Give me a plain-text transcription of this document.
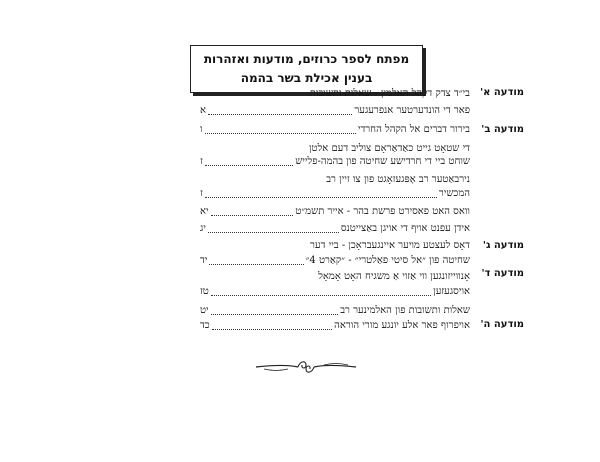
מפתח לספר כרוזים, מודעות ואזהרות
בענין אכילת בשר בהמה
מודעה א'
מודעה ב'
מודעה ג'
מודעה ד'
מודעה ה'
בי״ד צדק דקהל האלמין - שאלות ותשובות
פאר די הונדערטער אנפרעגער
א
בירור דברים אל הקהל החרדי
ו
די שטאָט גייט כאַדאַראָם צוליב דעם אלטן
שוחט ביי די חרדישע שחיטה פון בהמה-פלייש
ז
נירבאַטער רב אָפּגעזאָגט פון צו זיין רב
המכשיר
ז
וואס האט פאסירט פרשת בהר - אייר תשמ״ט
יא
אידן עפנט אויף די אויגן באַצייטנס
יג
דאָס לעצטע מויער איינגעבראָכן - ביי דער
שחיטה פון ״אל סיטי פאַלטרי״ - ״קאַרט 4״
יד
אָנווייזונגען ווי אַזוי אַ משגיח האָט אָמאָל
אויסגעזען
טז
שאלות ותשובות פון האלמינער רב
יט
אויפרוף פאר אלע יונגע מורי הוראה
כד
